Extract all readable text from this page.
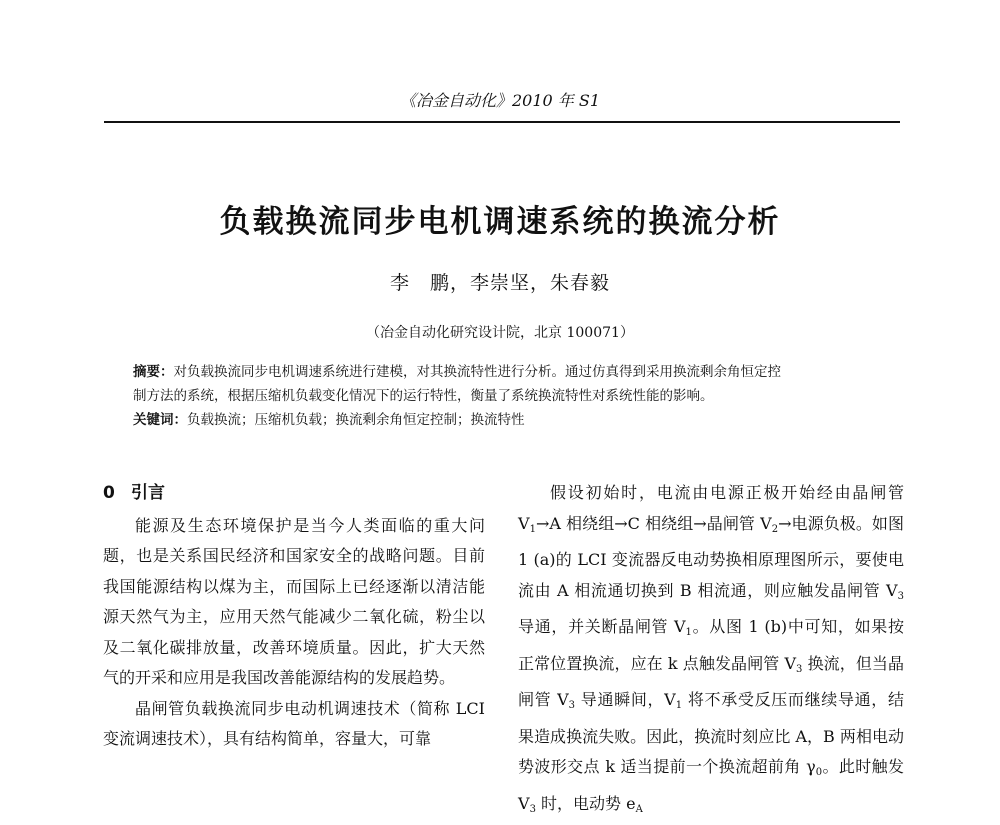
《冶金自动化》2010 年 S1
负载换流同步电机调速系统的换流分析
李　鹏，李崇坚，朱春毅
（冶金自动化研究设计院，北京 100071）

摘要：对负载换流同步电机调速系统进行建模，对其换流特性进行分析。通过仿真得到采用换流剩余角恒定控

制方法的系统，根据压缩机负载变化情况下的运行特性，衡量了系统换流特性对系统性能的影响。

关键词：负载换流；压缩机负载；换流剩余角恒定控制；换流特性

0 引言

能源及生态环境保护是当今人类面临的重大问题，也是关系国民经济和国家安全的战略问题。目前我国能源结构以煤为主，而国际上已经逐渐以清洁能源天然气为主，应用天然气能减少二氧化硫，粉尘以及二氧化碳排放量，改善环境质量。因此，扩大天然气的开采和应用是我国改善能源结构的发展趋势。

晶闸管负载换流同步电动机调速技术（简称 LCI 变流调速技术），具有结构简单，容量大，可靠

假设初始时，电流由电源正极开始经由晶闸管 $V_1\to A$ 相绕组→C 相绕组→晶闸管 $V_2\to$电源负极。如图 1 (a)的 LCI 变流器反电动势换相原理图所示，要使电流由 A 相流通切换到 B 相流通，则应触发晶闸管 $V_3$ 导通，并关断晶闸管 $V_1$。从图 1 (b)中可知，如果按正常位置换流，应在 k 点触发晶闸管 $V_3$ 换流，但当晶闸管 $V_3$ 导通瞬间，$V_1$ 将不承受反压而继续导通，结果造成换流失败。因此，换流时刻应比 A，B 两相电动势波形交点 k 适当提前一个换流超前角 $\gamma_0$。此时触发 $V_3$ 时，电动势 $e_A$
